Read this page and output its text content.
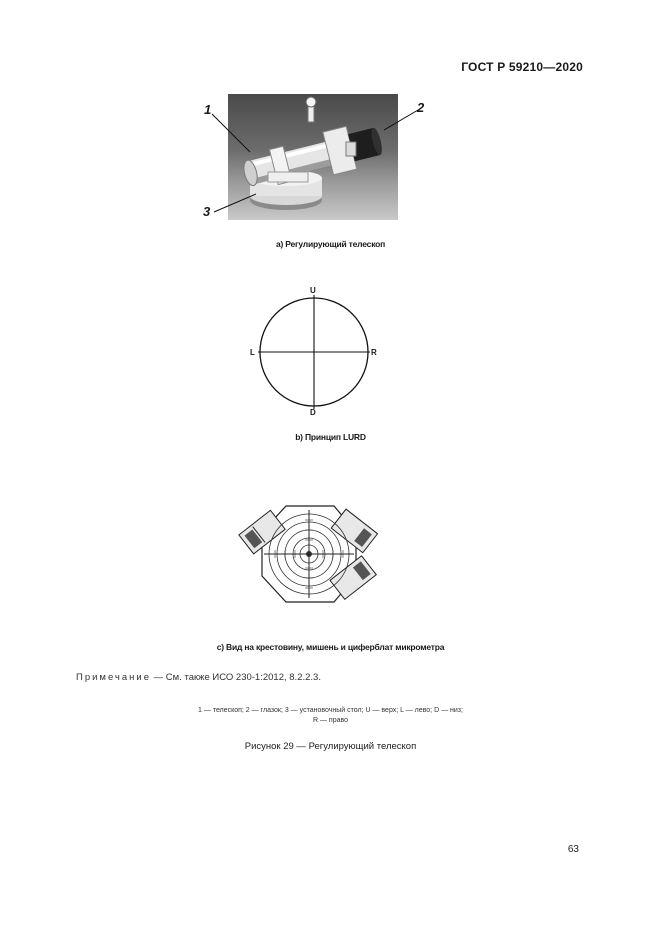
ГОСТ Р 59210—2020
1	2
3
a) Регулирующий телескоп
U
L	R
D
b) Принцип LURD
c) Вид на крестовину, мишень и циферблат микрометра
Примечание — См. также ИСО 230-1:2012, 8.2.2.3.
1 — телескоп; 2 — глазок; 3 — установочный стол; U — верх; L — лево; D — низ;
R — право
Рисунок 29 — Регулирующий телескоп
63
